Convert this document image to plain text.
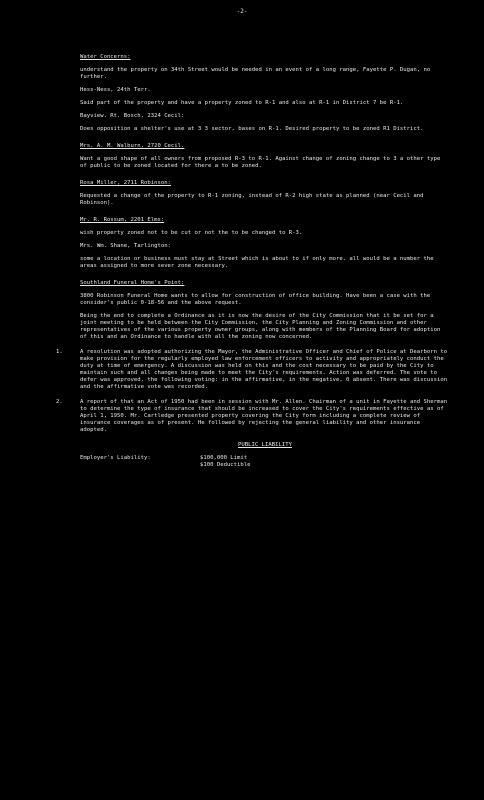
-2-
Water Concerns:
understand the property on 34th Street would be needed in an event of a long range, Fayette P. Dugan, no further.
Hess-Ness, 24th Terr.
Said part of the property and have a property zoned to R-1 and also at R-1 in District 7 be R-1.
Bayview. Rt. Bosch, 2324 Cecil:
Does opposition a shelter's use at 3 3 sector, bases on R-1. Desired property to be zoned R1 District.
Mrs. A. M. Walburn, 2720 Cecil.
Want a good shape of all owners from proposed R-3 to R-1. Against change of zoning change to 3 a other type of public to be zoned located for there a to be zoned.
Rosa Miller, 2711 Robinson:
Requested a change of the property to R-1 zoning, instead of R-2 high state as planned (near Cecil and Robinson).
Mr. R. Rossum, 2201 Elms:
wish property zoned not to be cut or not the to be changed to R-3.
Mrs. Wm. Shane, Tarlington:
some a location or business must stay at Street which is about to if only more. all would be a number the areas assigned to more sever zone necessary.
Southland Funeral Home's Point:
3800 Robinson Funeral Home wants to allow for construction of office building. Have been a case with the consider's public 0-18-56 and the above request.
Being the end to complete a Ordinance as it is now the desire of the City Commission that it be set for a joint meeting to be held between the City Commission, the City Planning and Zoning Commission and other representatives of the various property owner groups, along with members of the Planning Board for adoption of this and an Ordinance to handle with all the zoning now concerned.
1.	A resolution was adopted authorizing the Mayor, the Administrative Officer and Chief of Police at Dearborn to make provision for the regularly employed law enforcement officers to activity and appropriately conduct the duty at time of emergency. A discussion was held on this and the cost necessary to be paid by the City to maintain such and all changes being made to meet the City's requirements. Action was deferred. The vote to defer was approved, the following voting: in the affirmative, in the negative, 0 absent. There was discussion and the affirmative vote was recorded.
2.	A report of that an Act of 1950 had been in session with Mr. Allen. Chairman of a unit in Fayette and Sherman to determine the type of insurance that should be increased to cover the City's requirements effective as of April 1, 1950. Mr. Cartledge presented property covering the City form including a complete review of insurance coverages as of present. He followed by rejecting the general liability and other insurance adopted.
PUBLIC LIABILITY
Employer's Liability:	$100,000 Limit
$100 Deductible
